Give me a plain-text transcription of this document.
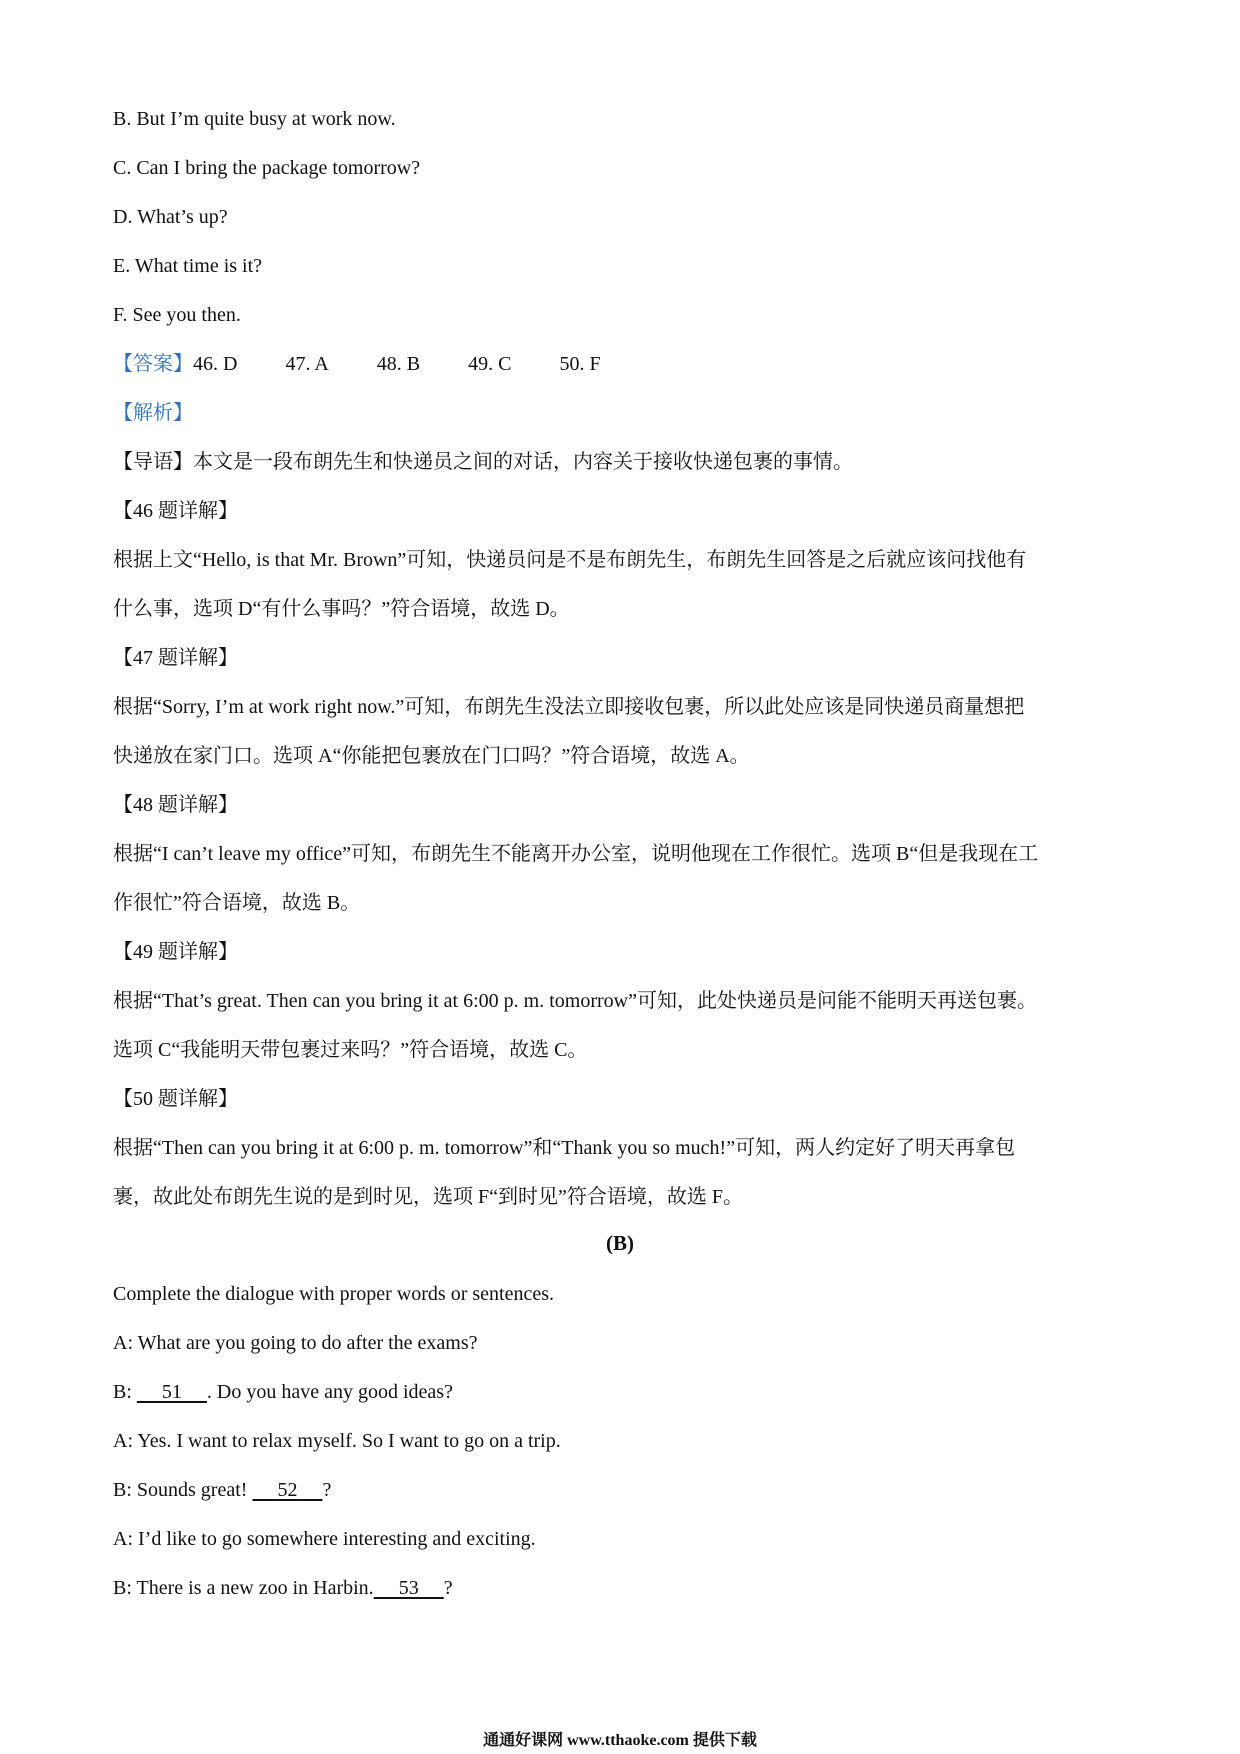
B. But I’m quite busy at work now.
C. Can I bring the package tomorrow?
D. What’s up?
E. What time is it?
F. See you then.
【答案】46. D 47. A 48. B 49. C 50. F
【解析】
【导语】本文是一段布朗先生和快递员之间的对话，内容关于接收快递包裹的事情。
【46 题详解】
根据上文“Hello, is that Mr. Brown”可知，快递员问是不是布朗先生，布朗先生回答是之后就应该问找他有
什么事，选项 D“有什么事吗？”符合语境，故选 D。
【47 题详解】
根据“Sorry, I’m at work right now.”可知，布朗先生没法立即接收包裹，所以此处应该是同快递员商量想把
快递放在家门口。选项 A“你能把包裹放在门口吗？”符合语境，故选 A。
【48 题详解】
根据“I can’t leave my office”可知，布朗先生不能离开办公室，说明他现在工作很忙。选项 B“但是我现在工
作很忙”符合语境，故选 B。
【49 题详解】
根据“That’s great. Then can you bring it at 6:00 p. m. tomorrow”可知，此处快递员是问能不能明天再送包裹。
选项 C“我能明天带包裹过来吗？”符合语境，故选 C。
【50 题详解】
根据“Then can you bring it at 6:00 p. m. tomorrow”和“Thank you so much!”可知，两人约定好了明天再拿包
裹，故此处布朗先生说的是到时见，选项 F“到时见”符合语境，故选 F。
(B)
Complete the dialogue with proper words or sentences.
A: What are you going to do after the exams?
B:      51 . Do you have any good ideas?
A: Yes. I want to relax myself. So I want to go on a trip.
B: Sounds great!      52 ?
A: I’d like to go somewhere interesting and exciting.
B: There is a new zoo in Harbin. 53 ?
通通好课网 www.tthaoke.com 提供下载
